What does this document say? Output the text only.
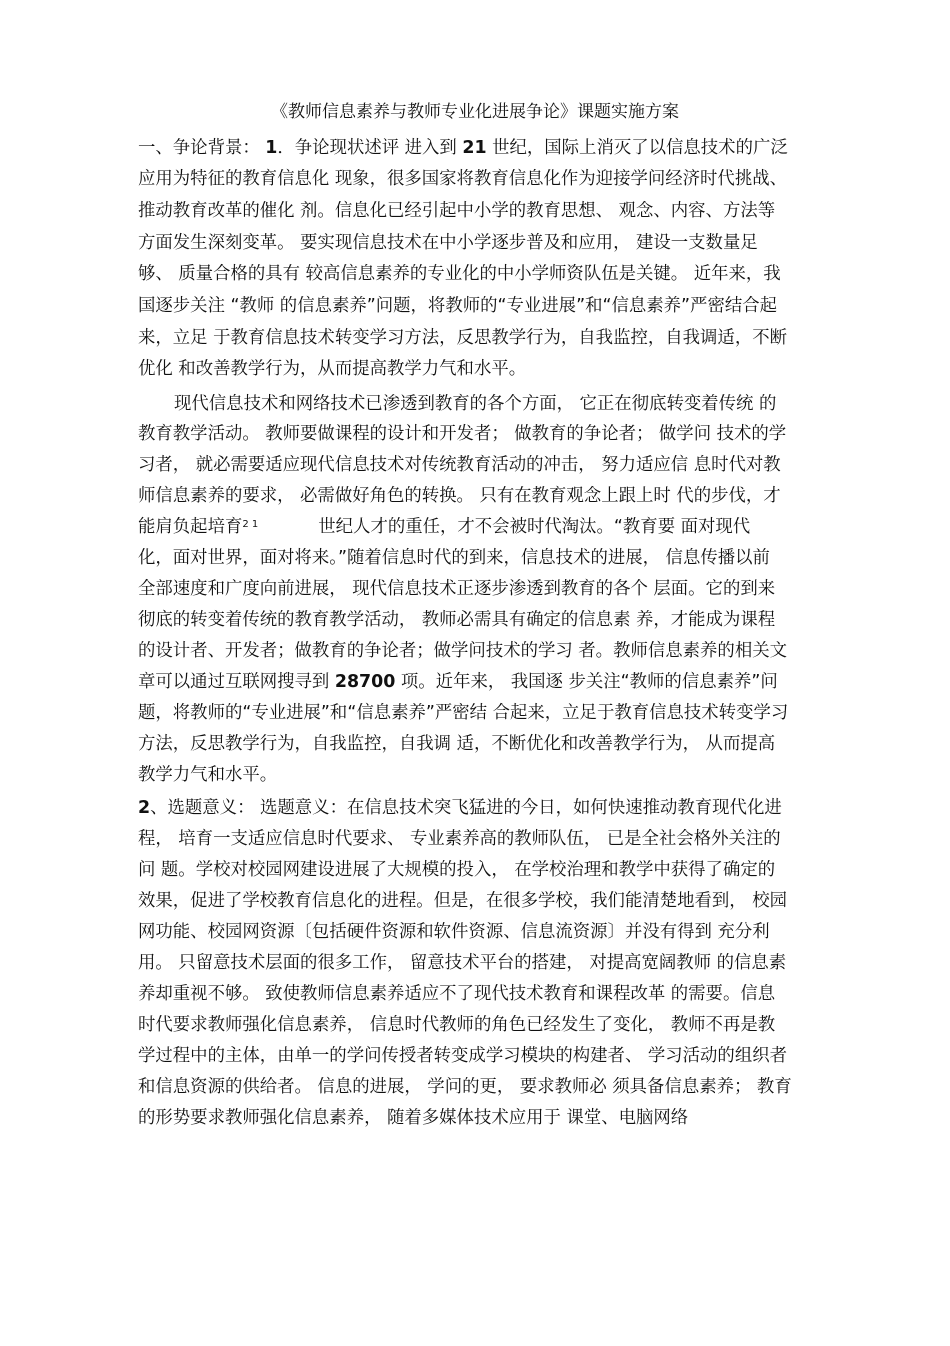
《教师信息素养与教师专业化进展争论》课题实施方案
一、争论背景： 1．争论现状述评 进入到 21 世纪，国际上消灭了以信息技术的广泛
应用为特征的教育信息化 现象，很多国家将教育信息化作为迎接学问经济时代挑战、
推动教育改革的催化 剂。信息化已经引起中小学的教育思想、 观念、内容、方法等
方面发生深刻变革。 要实现信息技术在中小学逐步普及和应用， 建设一支数量足
够、 质量合格的具有 较高信息素养的专业化的中小学师资队伍是关键。 近年来，我
国逐步关注 “教师 的信息素养”问题，将教师的“专业进展”和“信息素养”严密结合起
来，立足 于教育信息技术转变学习方法，反思教学行为，自我监控，自我调适，不断
优化 和改善教学行为，从而提高教学力气和水平。
现代信息技术和网络技术已渗透到教育的各个方面， 它正在彻底转变着传统 的
教育教学活动。 教师要做课程的设计和开发者； 做教育的争论者； 做学问 技术的学
习者， 就必需要适应现代信息技术对传统教育活动的冲击， 努力适应信 息时代对教
师信息素养的要求， 必需做好角色的转换。 只有在教育观念上跟上时 代的步伐，才
能肩负起培育$^{2 1}$	世纪人才的重任，才不会被时代淘汰。“教育要 面对现代
化，面对世界，面对将来。”随着信息时代的到来，信息技术的进展， 信息传播以前
全部速度和广度向前进展， 现代信息技术正逐步渗透到教育的各个 层面。它的到来
彻底的转变着传统的教育教学活动， 教师必需具有确定的信息素 养，才能成为课程
的设计者、开发者；做教育的争论者；做学问技术的学习 者。教师信息素养的相关文
章可以通过互联网搜寻到 28700 项。近年来， 我国逐 步关注“教师的信息素养”问
题，将教师的“专业进展”和“信息素养”严密结 合起来，立足于教育信息技术转变学习
方法，反思教学行为，自我监控，自我调 适，不断优化和改善教学行为， 从而提高
教学力气和水平。
2、选题意义： 选题意义：在信息技术突飞猛进的今日，如何快速推动教育现代化进
程， 培育一支适应信息时代要求、 专业素养高的教师队伍， 已是全社会格外关注的
问 题。学校对校园网建设进展了大规模的投入， 在学校治理和教学中获得了确定的
效果，促进了学校教育信息化的进程。但是，在很多学校，我们能清楚地看到， 校园
网功能、校园网资源〔包括硬件资源和软件资源、信息流资源〕并没有得到 充分利
用。 只留意技术层面的很多工作， 留意技术平台的搭建， 对提高宽阔教师 的信息素
养却重视不够。 致使教师信息素养适应不了现代技术教育和课程改革 的需要。信息
时代要求教师强化信息素养， 信息时代教师的角色已经发生了变化， 教师不再是教
学过程中的主体，由单一的学问传授者转变成学习模块的构建者、 学习活动的组织者
和信息资源的供给者。 信息的进展， 学问的更， 要求教师必 须具备信息素养； 教育
的形势要求教师强化信息素养， 随着多媒体技术应用于 课堂、电脑网络
